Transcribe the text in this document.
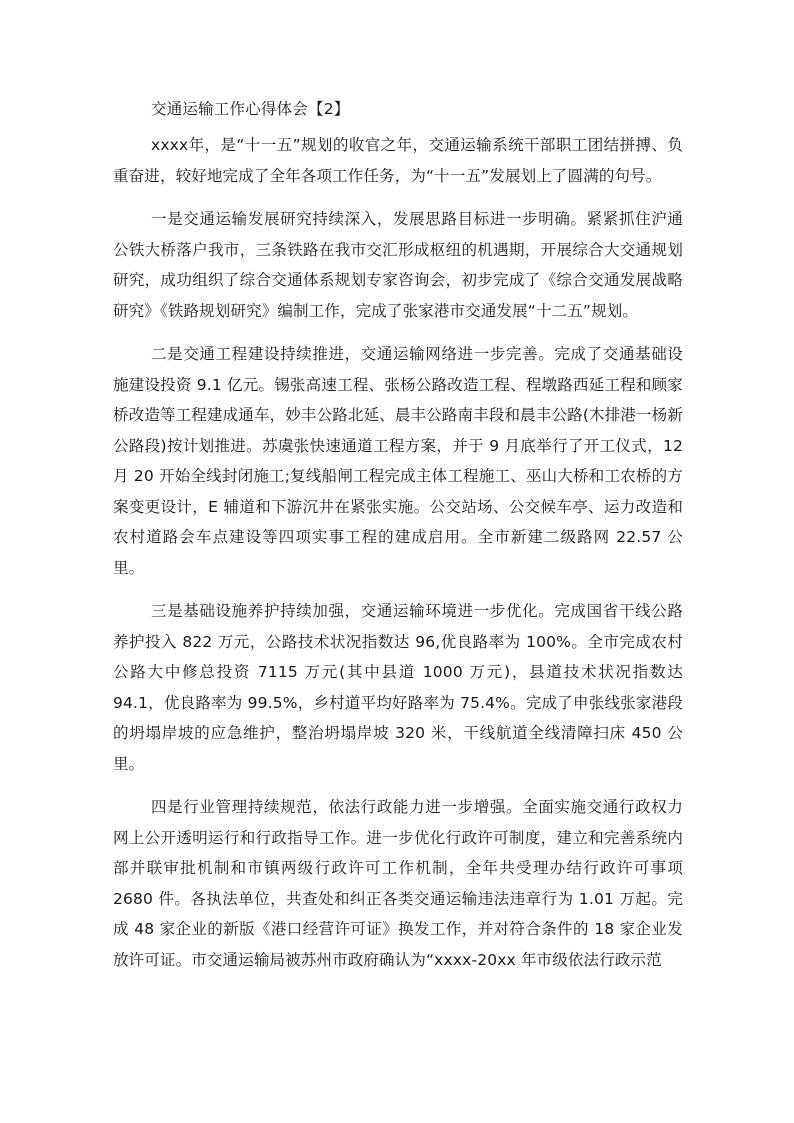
交通运输工作心得体会【2】

xxxx年，是“十一五”规划的收官之年，交通运输系统干部职工团结拼搏、负重奋进，较好地完成了全年各项工作任务，为“十一五”发展划上了圆满的句号。

一是交通运输发展研究持续深入，发展思路目标进一步明确。紧紧抓住沪通公铁大桥落户我市，三条铁路在我市交汇形成枢纽的机遇期，开展综合大交通规划研究，成功组织了综合交通体系规划专家咨询会，初步完成了《综合交通发展战略研究》《铁路规划研究》编制工作，完成了张家港市交通发展“十二五”规划。

二是交通工程建设持续推进，交通运输网络进一步完善。完成了交通基础设施建设投资 9.1 亿元。锡张高速工程、张杨公路改造工程、程墩路西延工程和顾家桥改造等工程建成通车，妙丰公路北延、晨丰公路南丰段和晨丰公路(木排港一杨新公路段)按计划推进。苏虞张快速通道工程方案，并于 9 月底举行了开工仪式，12 月 20 开始全线封闭施工;复线船闸工程完成主体工程施工、巫山大桥和工农桥的方案变更设计，E 辅道和下游沉井在紧张实施。公交站场、公交候车亭、运力改造和农村道路会车点建设等四项实事工程的建成启用。全市新建二级路网 22.57 公里。

三是基础设施养护持续加强，交通运输环境进一步优化。完成国省干线公路养护投入 822 万元，公路技术状况指数达 96,优良路率为 100%。全市完成农村公路大中修总投资 7115 万元(其中县道 1000 万元)，县道技术状况指数达 94.1，优良路率为 99.5%，乡村道平均好路率为 75.4%。完成了申张线张家港段的坍塌岸坡的应急维护，整治坍塌岸坡 320 米，干线航道全线清障扫床 450 公里。

四是行业管理持续规范，依法行政能力进一步增强。全面实施交通行政权力网上公开透明运行和行政指导工作。进一步优化行政许可制度，建立和完善系统内部并联审批机制和市镇两级行政许可工作机制，全年共受理办结行政许可事项 2680 件。各执法单位，共查处和纠正各类交通运输违法违章行为 1.01 万起。完成 48 家企业的新版《港口经营许可证》换发工作，并对符合条件的 18 家企业发放许可证。市交通运输局被苏州市政府确认为“xxxx-20xx 年市级依法行政示范
